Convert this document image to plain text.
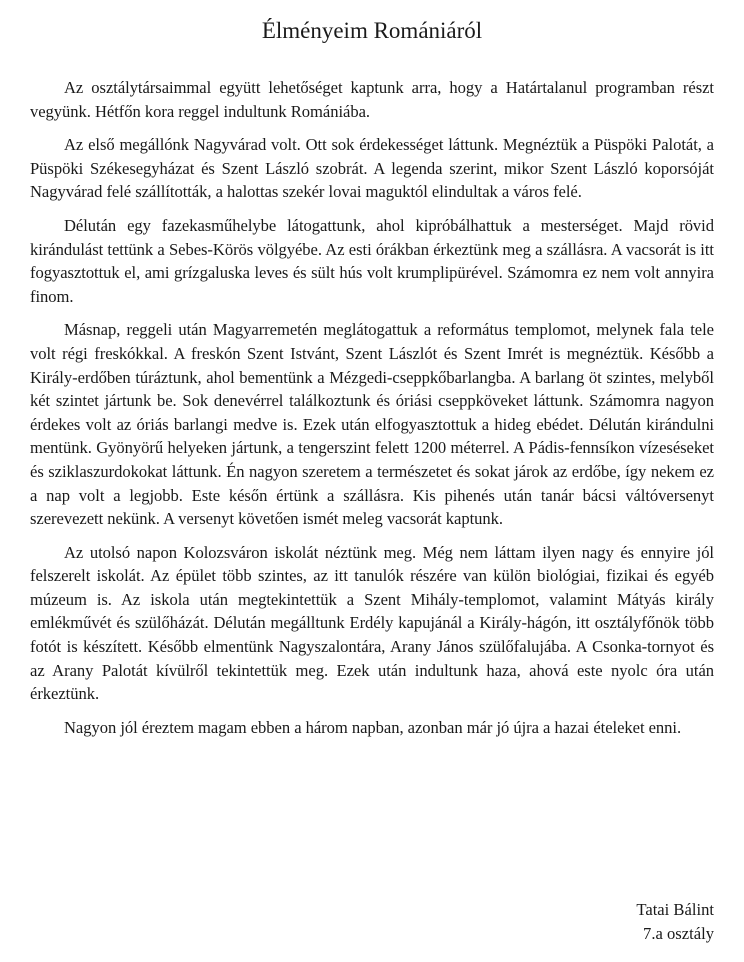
Élményeim Romániáról

Az osztálytársaimmal együtt lehetőséget kaptunk arra, hogy a Határtalanul programban részt vegyünk. Hétfőn kora reggel indultunk Romániába.

Az első megállónk Nagyvárad volt. Ott sok érdekességet láttunk. Megnéztük a Püspöki Palotát, a Püspöki Székesegyházat és Szent László szobrát. A legenda szerint, mikor Szent László koporsóját Nagyvárad felé szállították, a halottas szekér lovai maguktól elindultak a város felé.

Délután egy fazekasműhelybe látogattunk, ahol kipróbálhattuk a mesterséget. Majd rövid kirándulást tettünk a Sebes-Körös völgyébe. Az esti órákban érkeztünk meg a szállásra. A vacsorát is itt fogyasztottuk el, ami grízgaluska leves és sült hús volt krumplipürével. Számomra ez nem volt annyira finom.

Másnap, reggeli után Magyarremetén meglátogattuk a református templomot, melynek fala tele volt régi freskókkal. A freskón Szent Istvánt, Szent Lászlót és Szent Imrét is megnéztük. Később a Király-erdőben túráztunk, ahol bementünk a Mézgedi-cseppkőbarlangba. A barlang öt szintes, melyből két szintet jártunk be. Sok denevérrel találkoztunk és óriási cseppköveket láttunk. Számomra nagyon érdekes volt az óriás barlangi medve is. Ezek után elfogyasztottuk a hideg ebédet. Délután kirándulni mentünk. Gyönyörű helyeken jártunk, a tengerszint felett 1200 méterrel. A Pádis-fennsíkon vízeséseket és sziklaszurdokokat láttunk. Én nagyon szeretem a természetet és sokat járok az erdőbe, így nekem ez a nap volt a legjobb. Este későn értünk a szállásra. Kis pihenés után tanár bácsi váltóversenyt szerevezett nekünk. A versenyt követően ismét meleg vacsorát kaptunk.

Az utolsó napon Kolozsváron iskolát néztünk meg. Még nem láttam ilyen nagy és ennyire jól felszerelt iskolát. Az épület több szintes, az itt tanulók részére van külön biológiai, fizikai és egyéb múzeum is. Az iskola után megtekintettük a Szent Mihály-templomot, valamint Mátyás király emlékművét és szülőházát. Délután megálltunk Erdély kapujánál a Király-hágón, itt osztályfőnök több fotót is készített. Később elmentünk Nagyszalontára, Arany János szülőfalujába. A Csonka-tornyot és az Arany Palotát kívülről tekintettük meg. Ezek után indultunk haza, ahová este nyolc óra után érkeztünk.

Nagyon jól éreztem magam ebben a három napban, azonban már jó újra a hazai ételeket enni.

Tatai Bálint
7.a osztály
